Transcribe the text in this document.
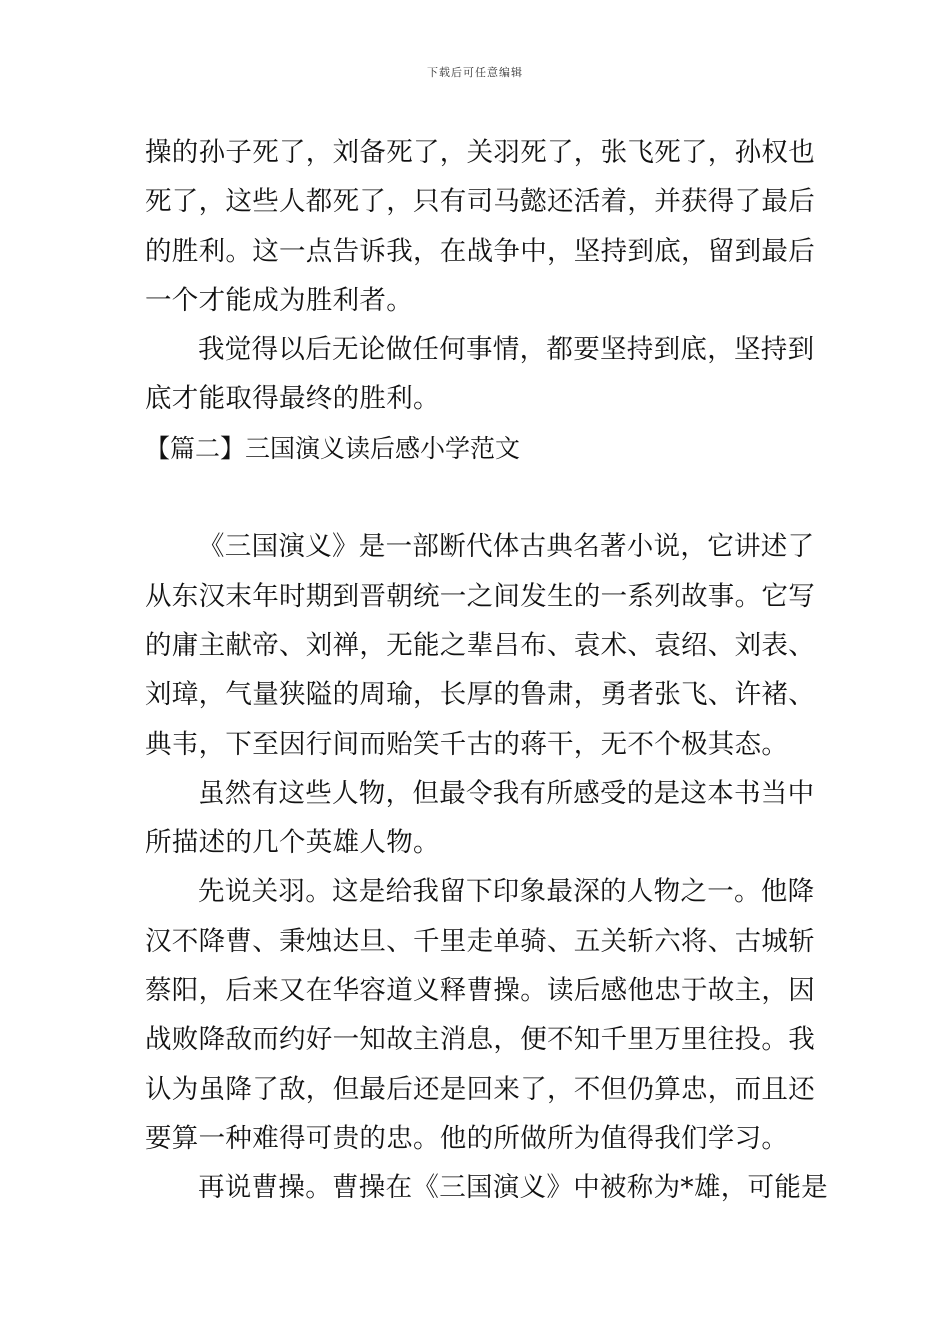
下载后可任意编辑
操的孙子死了，刘备死了，关羽死了，张飞死了，孙权也
死了，这些人都死了，只有司马懿还活着，并获得了最后
的胜利。这一点告诉我，在战争中，坚持到底，留到最后
一个才能成为胜利者。
我觉得以后无论做任何事情，都要坚持到底，坚持到
底才能取得最终的胜利。
【篇二】三国演义读后感小学范文
《三国演义》是一部断代体古典名著小说，它讲述了
从东汉末年时期到晋朝统一之间发生的一系列故事。它写
的庸主献帝、刘禅，无能之辈吕布、袁术、袁绍、刘表、
刘璋，气量狭隘的周瑜，长厚的鲁肃，勇者张飞、许褚、
典韦，下至因行间而贻笑千古的蒋干，无不个极其态。
虽然有这些人物，但最令我有所感受的是这本书当中
所描述的几个英雄人物。
先说关羽。这是给我留下印象最深的人物之一。他降
汉不降曹、秉烛达旦、千里走单骑、五关斩六将、古城斩
蔡阳，后来又在华容道义释曹操。读后感他忠于故主，因
战败降敌而约好一知故主消息，便不知千里万里往投。我
认为虽降了敌，但最后还是回来了，不但仍算忠，而且还
要算一种难得可贵的忠。他的所做所为值得我们学习。
再说曹操。曹操在《三国演义》中被称为*雄，可能是
